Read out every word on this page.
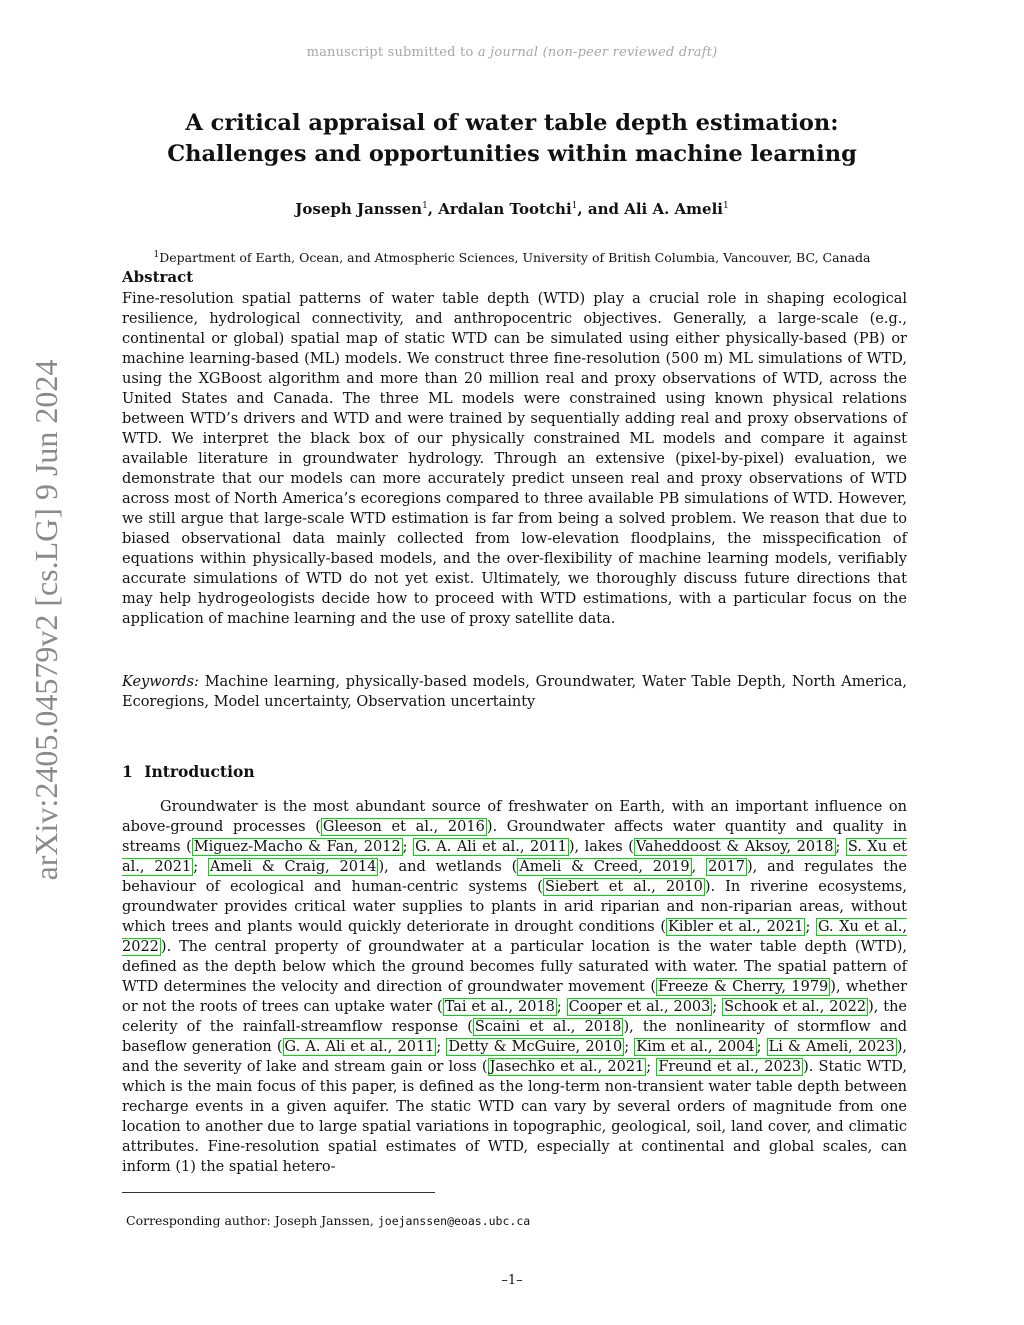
manuscript submitted to a journal (non-peer reviewed draft)
arXiv:2405.04579v2 [cs.LG] 9 Jun 2024
A critical appraisal of water table depth estimation: Challenges and opportunities within machine learning
Joseph Janssen$^1$, Ardalan Tootchi$^1$, and Ali A. Ameli$^1$
$^1$Department of Earth, Ocean, and Atmospheric Sciences, University of British Columbia, Vancouver, BC, Canada
Abstract
Fine-resolution spatial patterns of water table depth (WTD) play a crucial role in shaping ecological resilience, hydrological connectivity, and anthropocentric objectives. Generally, a large-scale (e.g., continental or global) spatial map of static WTD can be simulated using either physically-based (PB) or machine learning-based (ML) models. We construct three fine-resolution (500 m) ML simulations of WTD, using the XGBoost algorithm and more than 20 million real and proxy observations of WTD, across the United States and Canada. The three ML models were constrained using known physical relations between WTD’s drivers and WTD and were trained by sequentially adding real and proxy observations of WTD. We interpret the black box of our physically constrained ML models and compare it against available literature in groundwater hydrology. Through an extensive (pixel-by-pixel) evaluation, we demonstrate that our models can more accurately predict unseen real and proxy observations of WTD across most of North America’s ecoregions compared to three available PB simulations of WTD. However, we still argue that large-scale WTD estimation is far from being a solved problem. We reason that due to biased observational data mainly collected from low-elevation floodplains, the misspecification of equations within physically-based models, and the over-flexibility of machine learning models, verifiably accurate simulations of WTD do not yet exist. Ultimately, we thoroughly discuss future directions that may help hydrogeologists decide how to proceed with WTD estimations, with a particular focus on the application of machine learning and the use of proxy satellite data.
Keywords: Machine learning, physically-based models, Groundwater, Water Table Depth, North America, Ecoregions, Model uncertainty, Observation uncertainty
1 Introduction
Groundwater is the most abundant source of freshwater on Earth, with an important influence on above-ground processes ( Gleeson et al., 2016 ). Groundwater affects water quantity and quality in streams ( Miguez-Macho & Fan, 2012 ; G. A. Ali et al., 2011 ), lakes ( Vaheddoost & Aksoy, 2018 ; S. Xu et al., 2021 ; Ameli & Craig, 2014 ), and wetlands ( Ameli & Creed, 2019 , 2017 ), and regulates the behaviour of ecological and human-centric systems ( Siebert et al., 2010 ). In riverine ecosystems, groundwater provides critical water supplies to plants in arid riparian and non-riparian areas, without which trees and plants would quickly deteriorate in drought conditions ( Kibler et al., 2021 ; G. Xu et al., 2022 ). The central property of groundwater at a particular location is the water table depth (WTD), defined as the depth below which the ground becomes fully saturated with water. The spatial pattern of WTD determines the velocity and direction of groundwater movement ( Freeze & Cherry, 1979 ), whether or not the roots of trees can uptake water ( Tai et al., 2018 ; Cooper et al., 2003 ; Schook et al., 2022 ), the celerity of the rainfall-streamflow response ( Scaini et al., 2018 ), the nonlinearity of stormflow and baseflow generation ( G. A. Ali et al., 2011 ; Detty & McGuire, 2010 ; Kim et al., 2004 ; Li & Ameli, 2023 ), and the severity of lake and stream gain or loss ( Jasechko et al., 2021 ; Freund et al., 2023 ). Static WTD, which is the main focus of this paper, is defined as the long-term non-transient water table depth between recharge events in a given aquifer. The static WTD can vary by several orders of magnitude from one location to another due to large spatial variations in topographic, geological, soil, land cover, and climatic attributes. Fine-resolution spatial estimates of WTD, especially at continental and global scales, can inform (1) the spatial hetero-
Corresponding author: Joseph Janssen, joejanssen@eoas.ubc.ca
–1–
